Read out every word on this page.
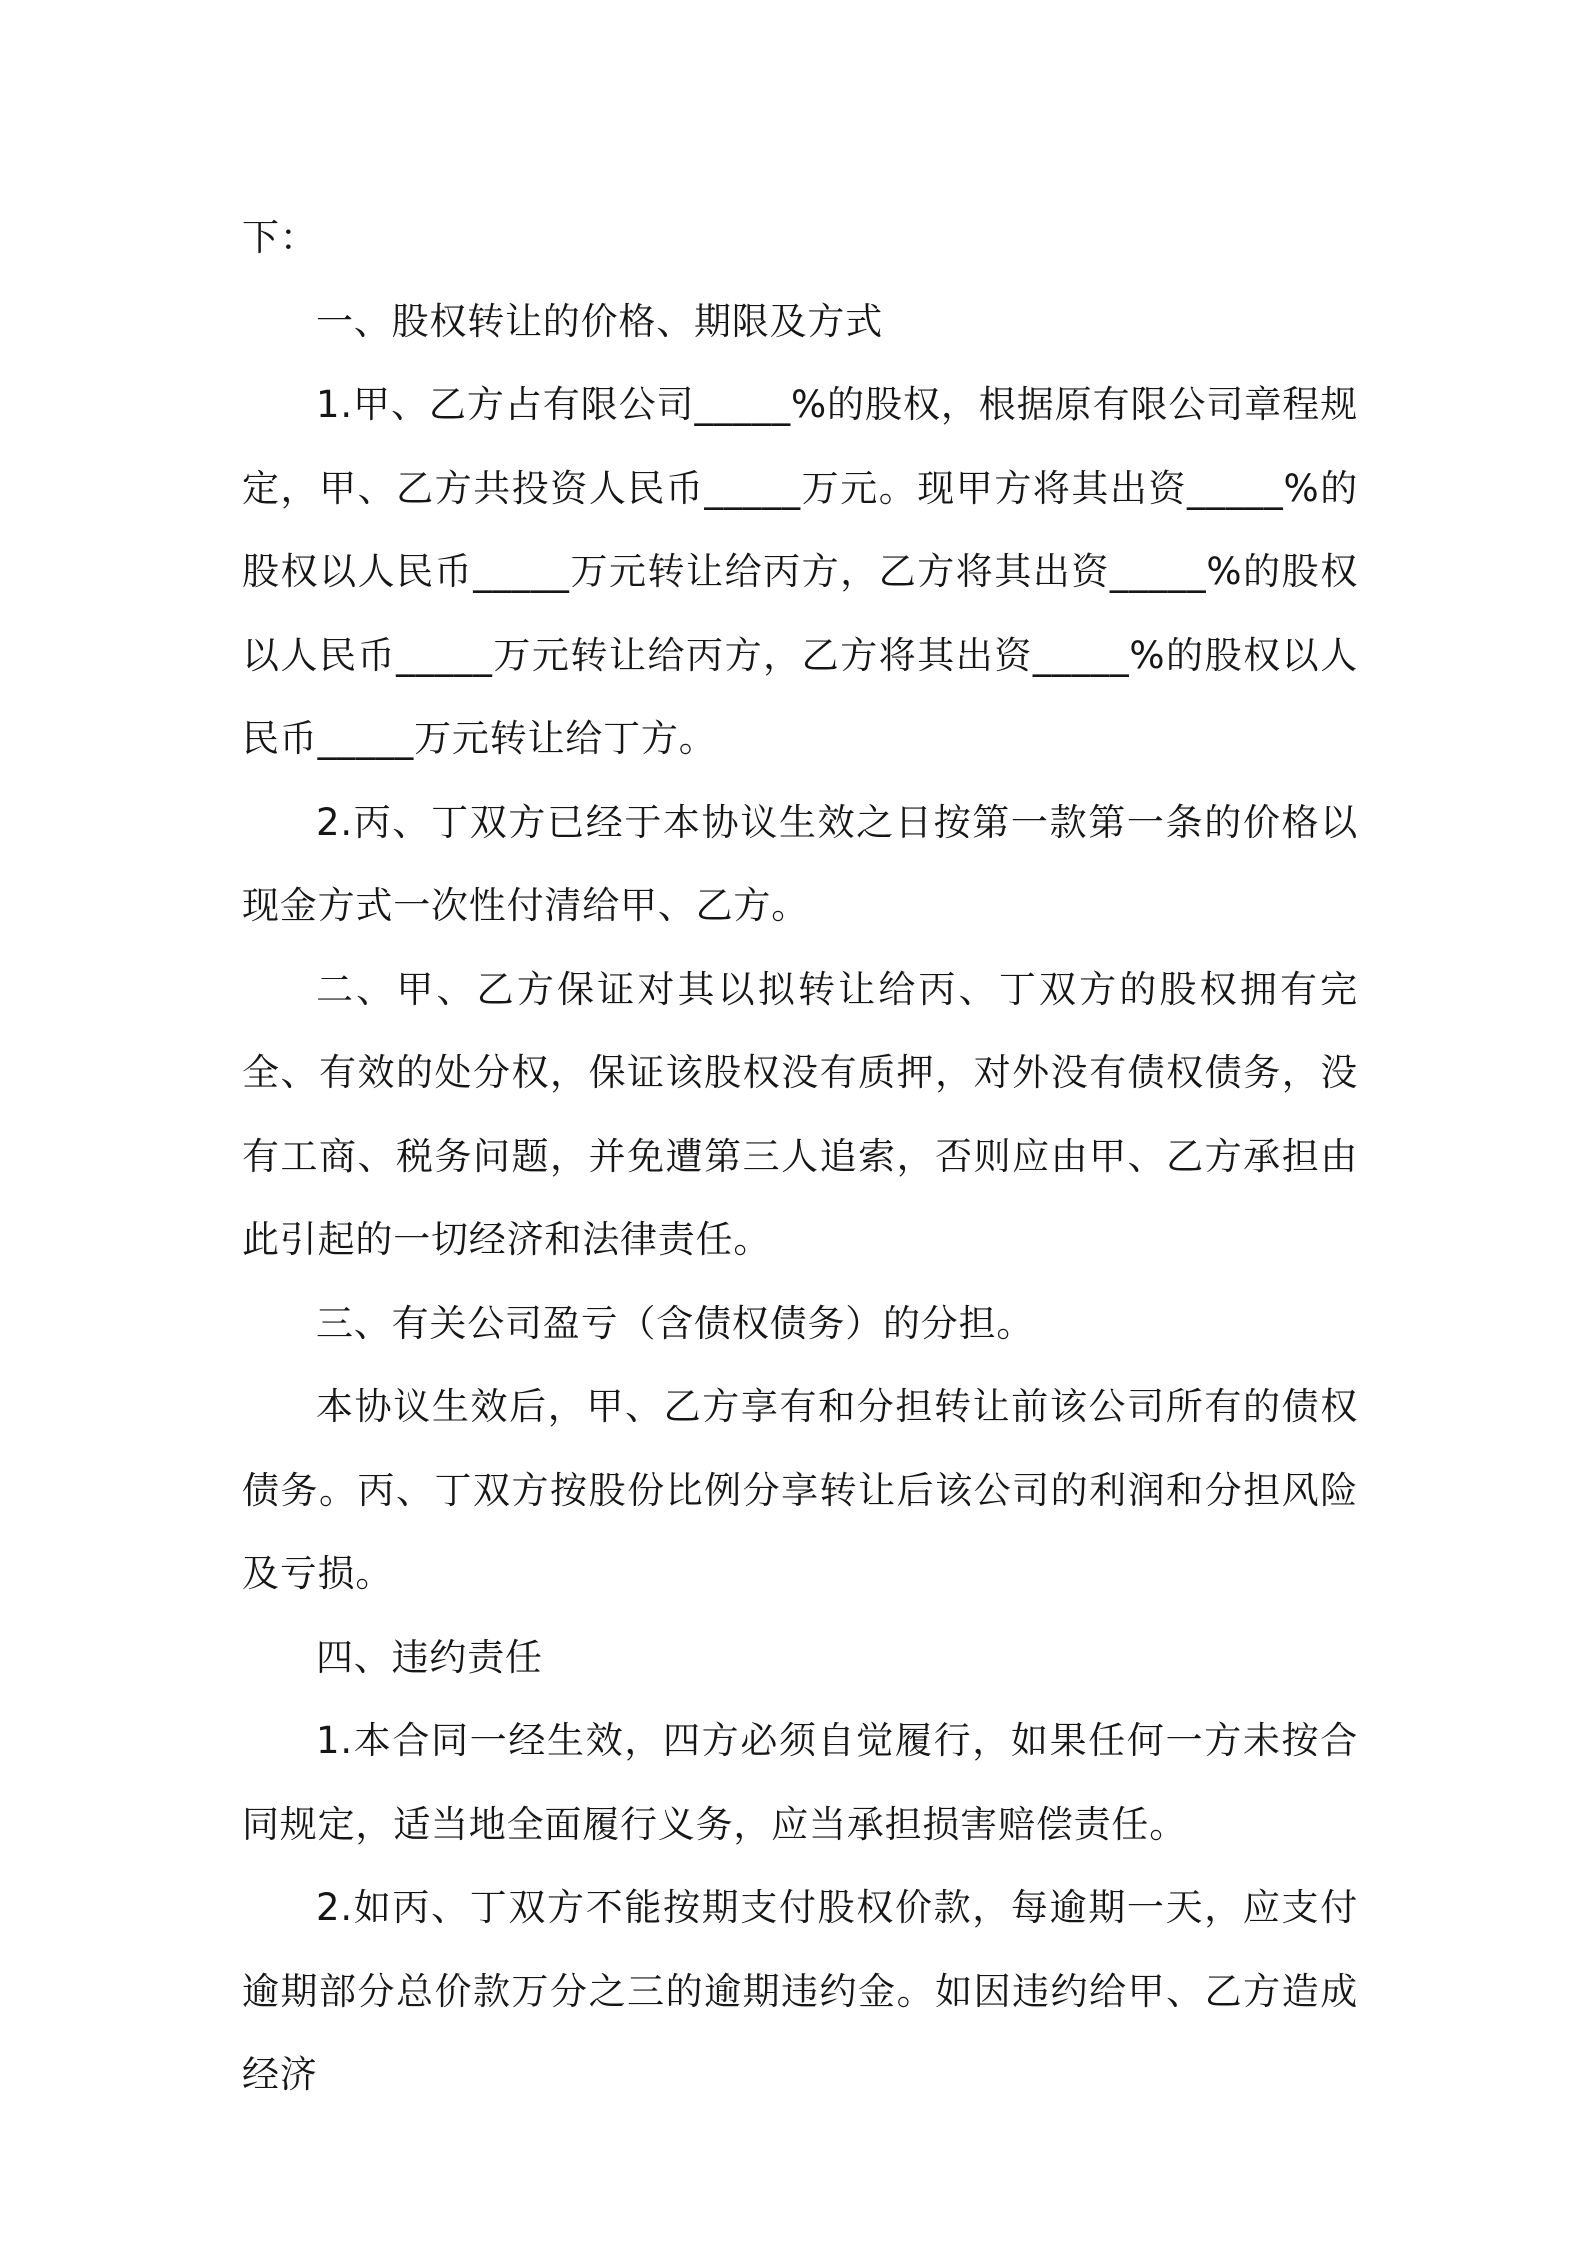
下：

一、股权转让的价格、期限及方式

1.甲、乙方占有限公司_____%的股权，根据原有限公司章程规定，甲、乙方共投资人民币_____万元。现甲方将其出资_____%的股权以人民币_____万元转让给丙方，乙方将其出资_____%的股权以人民币_____万元转让给丙方，乙方将其出资_____%的股权以人民币_____万元转让给丁方。

2.丙、丁双方已经于本协议生效之日按第一款第一条的价格以现金方式一次性付清给甲、乙方。

二、甲、乙方保证对其以拟转让给丙、丁双方的股权拥有完全、有效的处分权，保证该股权没有质押，对外没有债权债务，没有工商、税务问题，并免遭第三人追索，否则应由甲、乙方承担由此引起的一切经济和法律责任。

三、有关公司盈亏（含债权债务）的分担。

本协议生效后，甲、乙方享有和分担转让前该公司所有的债权债务。丙、丁双方按股份比例分享转让后该公司的利润和分担风险及亏损。

四、违约责任

1.本合同一经生效，四方必须自觉履行，如果任何一方未按合同规定，适当地全面履行义务，应当承担损害赔偿责任。

2.如丙、丁双方不能按期支付股权价款，每逾期一天，应支付逾期部分总价款万分之三的逾期违约金。如因违约给甲、乙方造成经济
